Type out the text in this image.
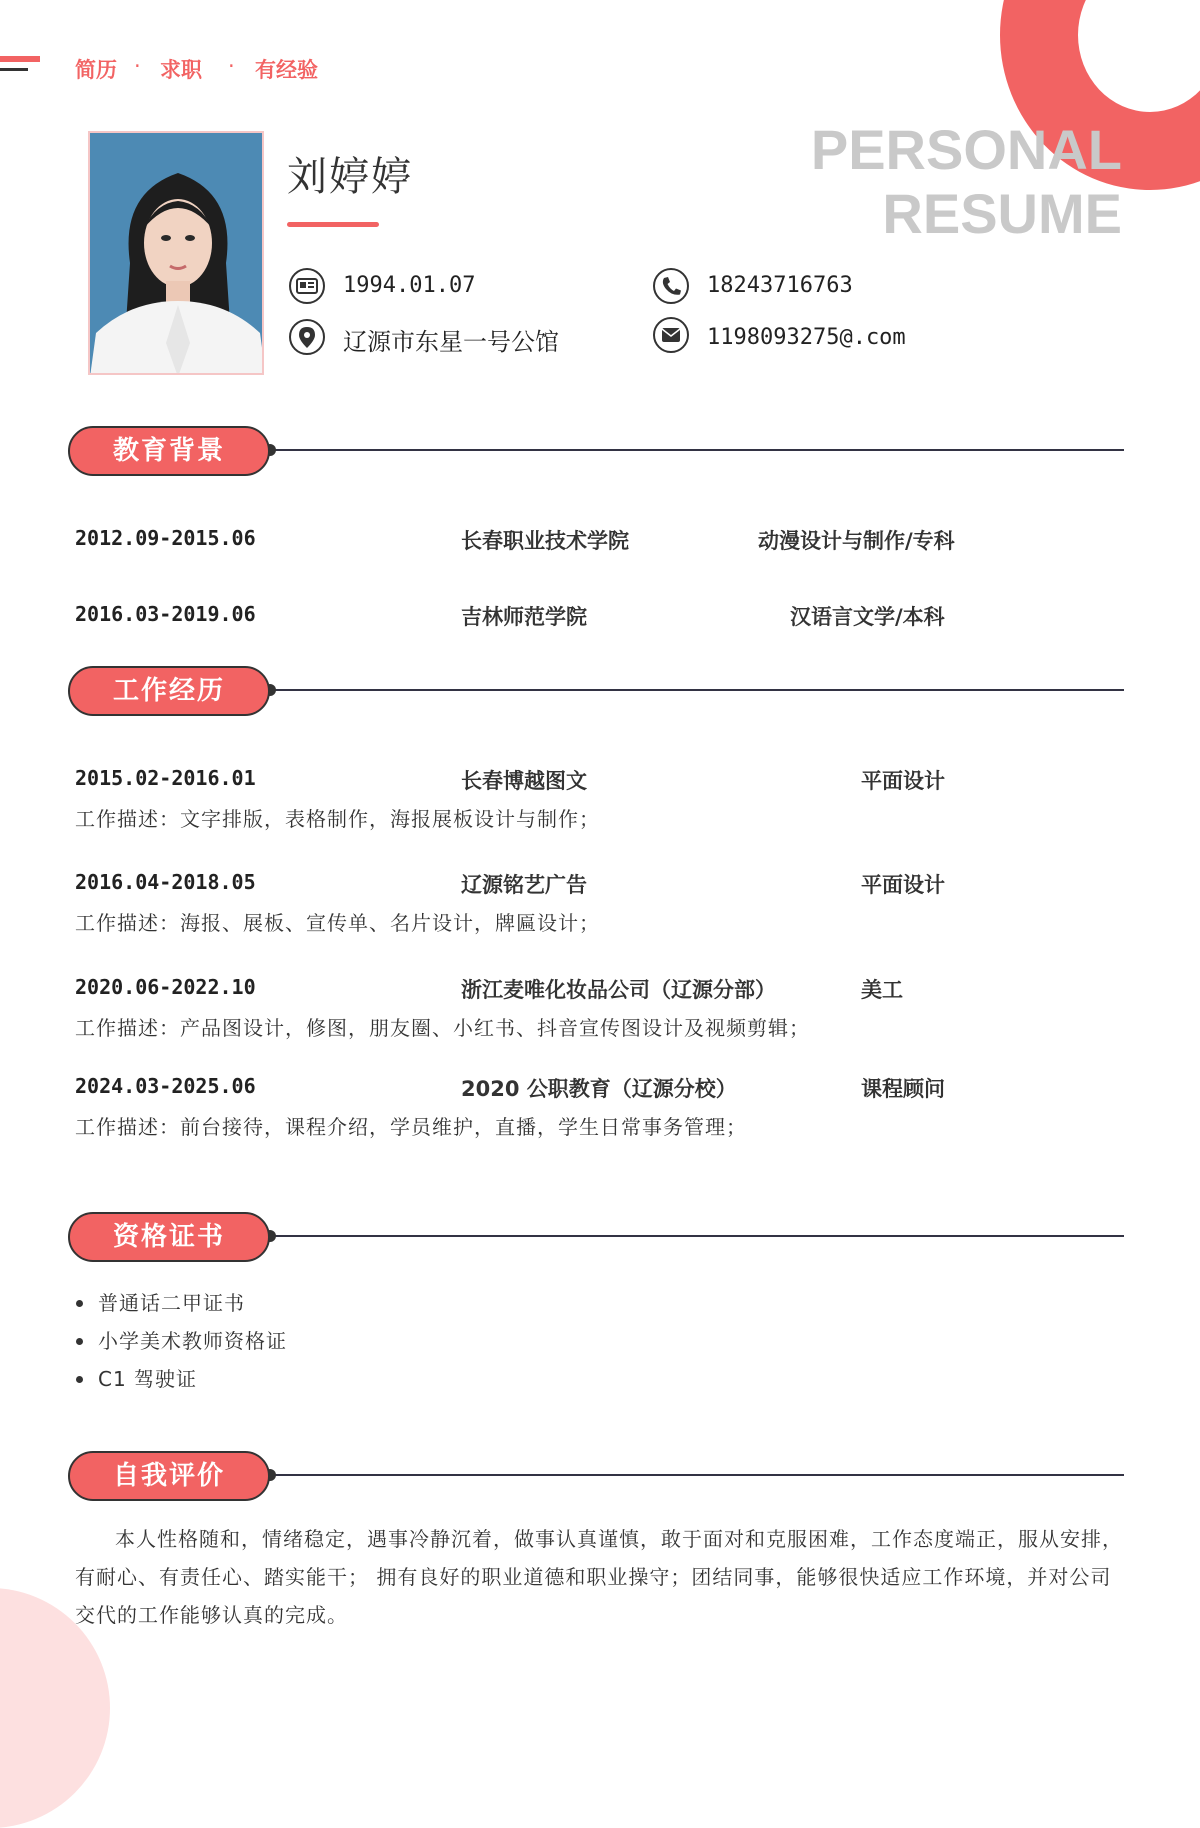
简历 · 求职 · 有经验
刘婷婷	PERSONAL
RESUME
1994.01.07
辽源市东星一号公馆
18243716763
1198093275@.com
教育背景
2012.09-2015.06	长春职业技术学院	动漫设计与制作/专科
2016.03-2019.06	吉林师范学院	汉语言文学/本科
工作经历
2015.02-2016.01	长春博越图文	平面设计
工作描述：文字排版，表格制作，海报展板设计与制作；
2016.04-2018.05	辽源铭艺广告	平面设计
工作描述：海报、展板、宣传单、名片设计，牌匾设计；
2020.06-2022.10	浙江麦唯化妆品公司（辽源分部）	美工
工作描述：产品图设计，修图，朋友圈、小红书、抖音宣传图设计及视频剪辑；
2024.03-2025.06	2020 公职教育（辽源分校）	课程顾问
工作描述：前台接待，课程介绍，学员维护，直播，学生日常事务管理；
资格证书
普通话二甲证书
小学美术教师资格证
C1 驾驶证
自我评价
本人性格随和，情绪稳定，遇事冷静沉着，做事认真谨慎，敢于面对和克服困难，工作态度端正，服从安排，有耐心、有责任心、踏实能干； 拥有良好的职业道德和职业操守；团结同事，能够很快适应工作环境，并对公司交代的工作能够认真的完成。
